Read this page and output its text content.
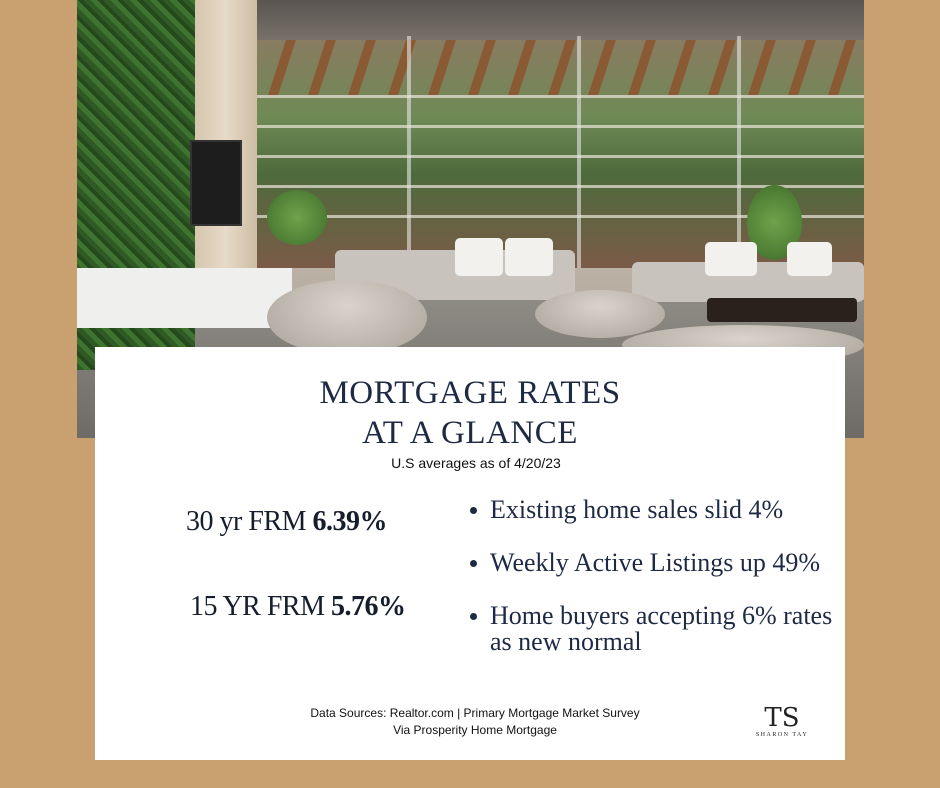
MORTGAGE RATES
AT A GLANCE
U.S averages as of 4/20/23
30 yr FRM 6.39%
15 YR FRM 5.76%
Existing home sales slid 4%
Weekly Active Listings up 49%
Home buyers accepting 6% rates as new normal
Data Sources: Realtor.com | Primary Mortgage Market Survey
Via Prosperity Home Mortgage	TS
SHARON TAY
